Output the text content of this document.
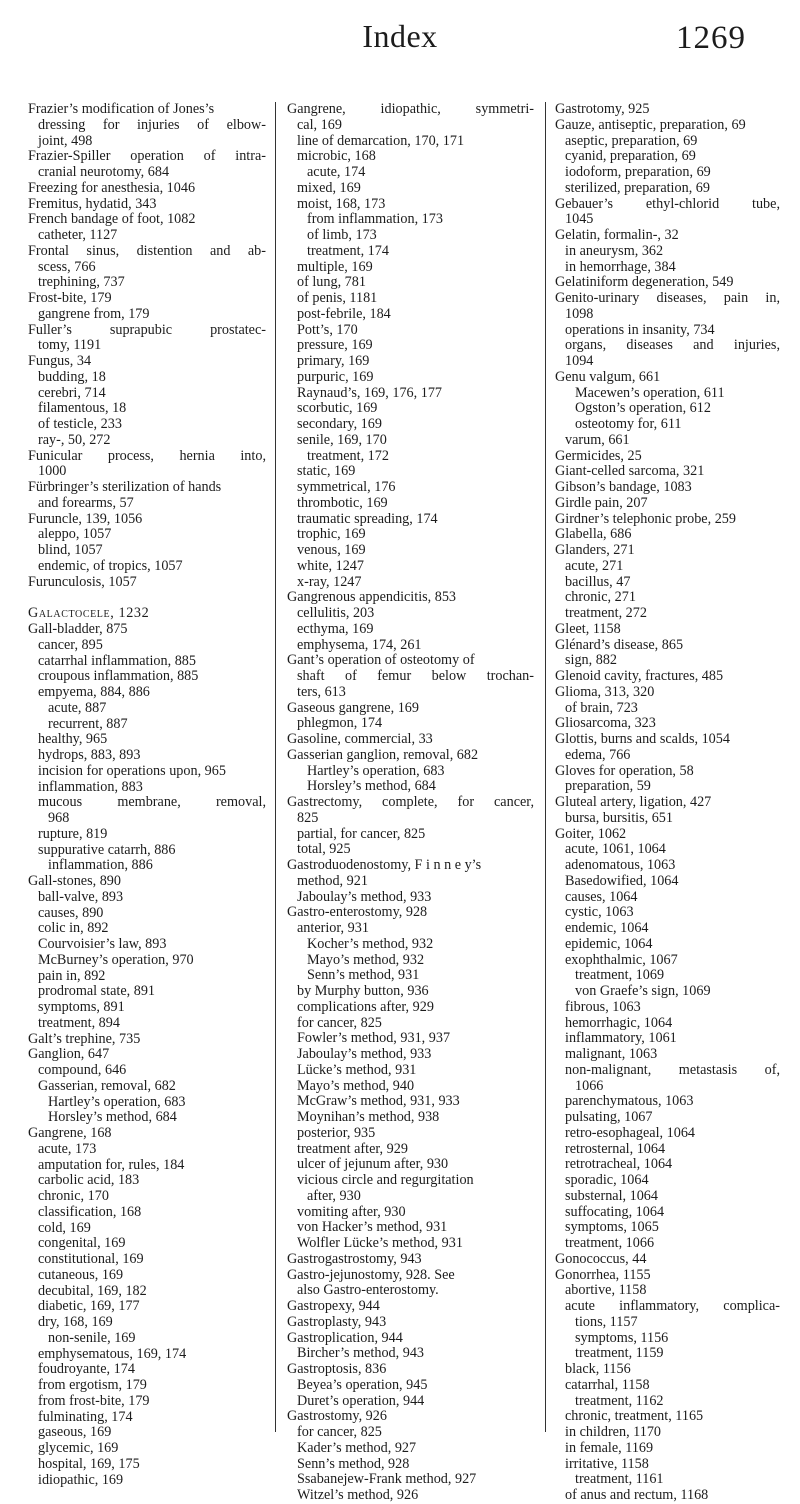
Index	1269
Frazier’s modification of Jones’s
dressing for injuries of elbow-
joint, 498
Frazier-Spiller operation of intra-
cranial neurotomy, 684
Freezing for anesthesia, 1046
Fremitus, hydatid, 343
French bandage of foot, 1082
catheter, 1127
Frontal sinus, distention and ab-
scess, 766
trephining, 737
Frost-bite, 179
gangrene from, 179
Fuller’s suprapubic prostatec-
tomy, 1191
Fungus, 34
budding, 18
cerebri, 714
filamentous, 18
of testicle, 233
ray-, 50, 272
Funicular process, hernia into,
1000
Fürbringer’s sterilization of hands
and forearms, 57
Furuncle, 139, 1056
aleppo, 1057
blind, 1057
endemic, of tropics, 1057
Furunculosis, 1057
Galactocele, 1232
Gall-bladder, 875
cancer, 895
catarrhal inflammation, 885
croupous inflammation, 885
empyema, 884, 886
acute, 887
recurrent, 887
healthy, 965
hydrops, 883, 893
incision for operations upon, 965
inflammation, 883
mucous membrane, removal,
968
rupture, 819
suppurative catarrh, 886
inflammation, 886
Gall-stones, 890
ball-valve, 893
causes, 890
colic in, 892
Courvoisier’s law, 893
McBurney’s operation, 970
pain in, 892
prodromal state, 891
symptoms, 891
treatment, 894
Galt’s trephine, 735
Ganglion, 647
compound, 646
Gasserian, removal, 682
Hartley’s operation, 683
Horsley’s method, 684
Gangrene, 168
acute, 173
amputation for, rules, 184
carbolic acid, 183
chronic, 170
classification, 168
cold, 169
congenital, 169
constitutional, 169
cutaneous, 169
decubital, 169, 182
diabetic, 169, 177
dry, 168, 169
non-senile, 169
emphysematous, 169, 174
foudroyante, 174
from ergotism, 179
from frost-bite, 179
fulminating, 174
gaseous, 169
glycemic, 169
hospital, 169, 175
idiopathic, 169
Gangrene, idiopathic, symmetri-
cal, 169
line of demarcation, 170, 171
microbic, 168
acute, 174
mixed, 169
moist, 168, 173
from inflammation, 173
of limb, 173
treatment, 174
multiple, 169
of lung, 781
of penis, 1181
post-febrile, 184
Pott’s, 170
pressure, 169
primary, 169
purpuric, 169
Raynaud’s, 169, 176, 177
scorbutic, 169
secondary, 169
senile, 169, 170
treatment, 172
static, 169
symmetrical, 176
thrombotic, 169
traumatic spreading, 174
trophic, 169
venous, 169
white, 1247
x-ray, 1247
Gangrenous appendicitis, 853
cellulitis, 203
ecthyma, 169
emphysema, 174, 261
Gant’s operation of osteotomy of
shaft of femur below trochan-
ters, 613
Gaseous gangrene, 169
phlegmon, 174
Gasoline, commercial, 33
Gasserian ganglion, removal, 682
Hartley’s operation, 683
Horsley’s method, 684
Gastrectomy, complete, for cancer,
825
partial, for cancer, 825
total, 925
Gastroduodenostomy, F i n n e y’s
method, 921
Jaboulay’s method, 933
Gastro-enterostomy, 928
anterior, 931
Kocher’s method, 932
Mayo’s method, 932
Senn’s method, 931
by Murphy button, 936
complications after, 929
for cancer, 825
Fowler’s method, 931, 937
Jaboulay’s method, 933
Lücke’s method, 931
Mayo’s method, 940
McGraw’s method, 931, 933
Moynihan’s method, 938
posterior, 935
treatment after, 929
ulcer of jejunum after, 930
vicious circle and regurgitation
after, 930
vomiting after, 930
von Hacker’s method, 931
Wolfler Lücke’s method, 931
Gastrogastrostomy, 943
Gastro-jejunostomy, 928. See
also Gastro-enterostomy.
Gastropexy, 944
Gastroplasty, 943
Gastroplication, 944
Bircher’s method, 943
Gastroptosis, 836
Beyea’s operation, 945
Duret’s operation, 944
Gastrostomy, 926
for cancer, 825
Kader’s method, 927
Senn’s method, 928
Ssabanejew-Frank method, 927
Witzel’s method, 926
Gastrotomy, 925
Gauze, antiseptic, preparation, 69
aseptic, preparation, 69
cyanid, preparation, 69
iodoform, preparation, 69
sterilized, preparation, 69
Gebauer’s ethyl-chlorid tube,
1045
Gelatin, formalin-, 32
in aneurysm, 362
in hemorrhage, 384
Gelatiniform degeneration, 549
Genito-urinary diseases, pain in,
1098
operations in insanity, 734
organs, diseases and injuries,
1094
Genu valgum, 661
Macewen’s operation, 611
Ogston’s operation, 612
osteotomy for, 611
varum, 661
Germicides, 25
Giant-celled sarcoma, 321
Gibson’s bandage, 1083
Girdle pain, 207
Girdner’s telephonic probe, 259
Glabella, 686
Glanders, 271
acute, 271
bacillus, 47
chronic, 271
treatment, 272
Gleet, 1158
Glénard’s disease, 865
sign, 882
Glenoid cavity, fractures, 485
Glioma, 313, 320
of brain, 723
Gliosarcoma, 323
Glottis, burns and scalds, 1054
edema, 766
Gloves for operation, 58
preparation, 59
Gluteal artery, ligation, 427
bursa, bursitis, 651
Goiter, 1062
acute, 1061, 1064
adenomatous, 1063
Basedowified, 1064
causes, 1064
cystic, 1063
endemic, 1064
epidemic, 1064
exophthalmic, 1067
treatment, 1069
von Graefe’s sign, 1069
fibrous, 1063
hemorrhagic, 1064
inflammatory, 1061
malignant, 1063
non-malignant, metastasis of,
1066
parenchymatous, 1063
pulsating, 1067
retro-esophageal, 1064
retrosternal, 1064
retrotracheal, 1064
sporadic, 1064
substernal, 1064
suffocating, 1064
symptoms, 1065
treatment, 1066
Gonococcus, 44
Gonorrhea, 1155
abortive, 1158
acute inflammatory, complica-
tions, 1157
symptoms, 1156
treatment, 1159
black, 1156
catarrhal, 1158
treatment, 1162
chronic, treatment, 1165
in children, 1170
in female, 1169
irritative, 1158
treatment, 1161
of anus and rectum, 1168
